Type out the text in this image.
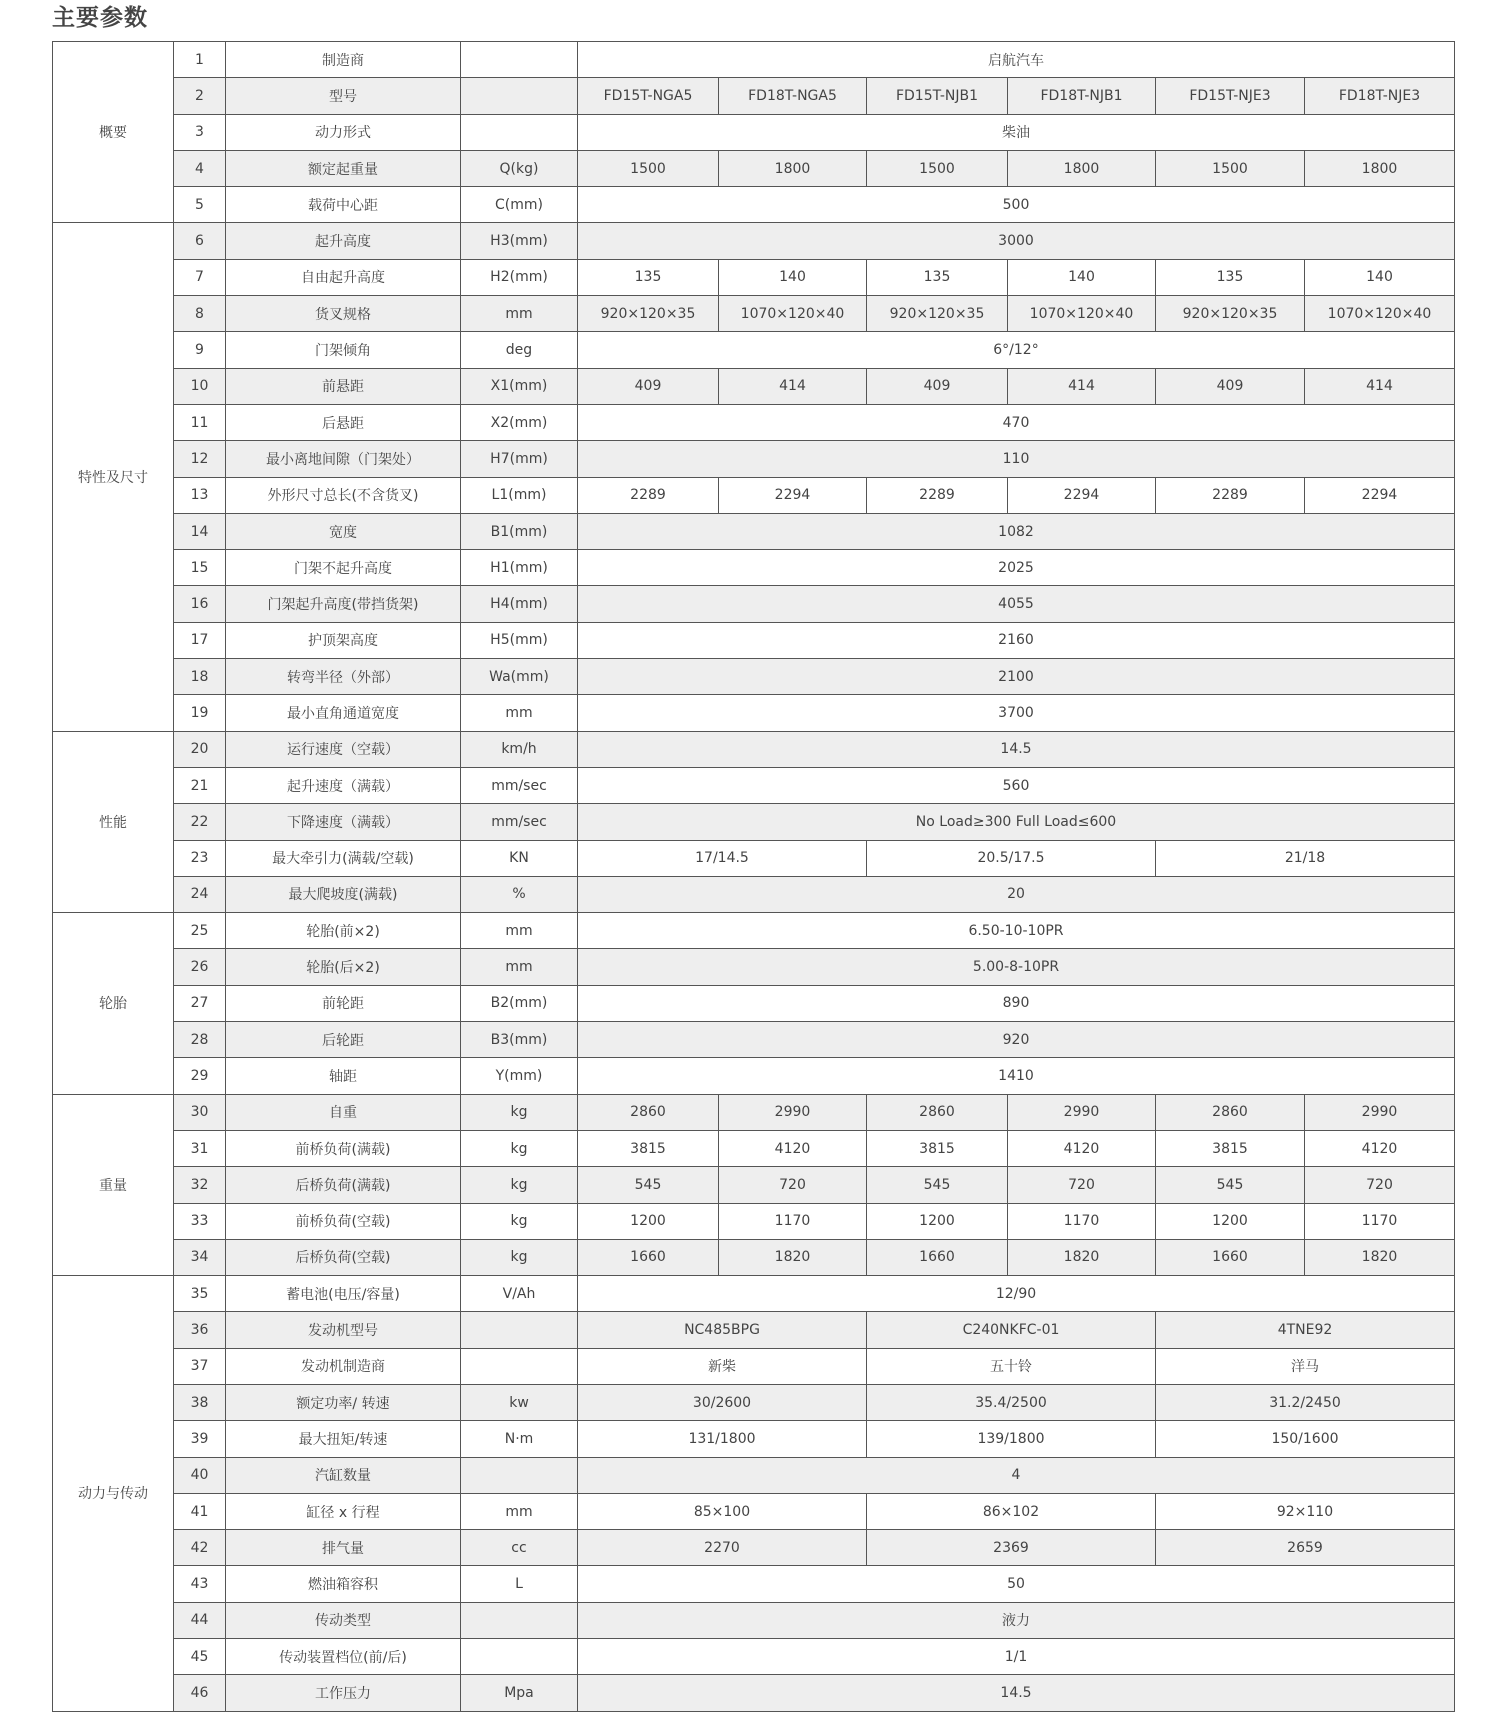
主要参数
概要	1	制造商		启航汽车					
	2	型号		FD15T-NGA5	FD18T-NGA5	FD15T-NJB1	FD18T-NJB1	FD15T-NJE3	FD18T-NJE3
	3	动力形式		柴油					
	4	额定起重量	Q(kg)	1500	1800	1500	1800	1500	1800
	5	载荷中心距	C(mm)	500					
特性及尺寸	6	起升高度	H3(mm)	3000					
	7	自由起升高度	H2(mm)	135	140	135	140	135	140
	8	货叉规格	mm	920×120×35	1070×120×40	920×120×35	1070×120×40	920×120×35	1070×120×40
	9	门架倾角	deg	6°/12°					
	10	前悬距	X1(mm)	409	414	409	414	409	414
	11	后悬距	X2(mm)	470					
	12	最小离地间隙（门架处）	H7(mm)	110					
	13	外形尺寸总长(不含货叉)	L1(mm)	2289	2294	2289	2294	2289	2294
	14	宽度	B1(mm)	1082					
	15	门架不起升高度	H1(mm)	2025					
	16	门架起升高度(带挡货架)	H4(mm)	4055					
	17	护顶架高度	H5(mm)	2160					
	18	转弯半径（外部）	Wa(mm)	2100					
	19	最小直角通道宽度	mm	3700					
性能	20	运行速度（空载）	km/h	14.5					
	21	起升速度（满载）	mm/sec	560					
	22	下降速度（满载）	mm/sec	No Load≥300 Full Load≤600					
	23	最大牵引力(满载/空载)	KN	17/14.5		20.5/17.5		21/18	
	24	最大爬坡度(满载)	%	20					
轮胎	25	轮胎(前×2)	mm	6.50-10-10PR					
	26	轮胎(后×2)	mm	5.00-8-10PR					
	27	前轮距	B2(mm)	890					
	28	后轮距	B3(mm)	920					
	29	轴距	Y(mm)	1410					
重量	30	自重	kg	2860	2990	2860	2990	2860	2990
	31	前桥负荷(满载)	kg	3815	4120	3815	4120	3815	4120
	32	后桥负荷(满载)	kg	545	720	545	720	545	720
	33	前桥负荷(空载)	kg	1200	1170	1200	1170	1200	1170
	34	后桥负荷(空载)	kg	1660	1820	1660	1820	1660	1820
动力与传动	35	蓄电池(电压/容量)	V/Ah	12/90					
	36	发动机型号		NC485BPG		C240NKFC-01		4TNE92	
	37	发动机制造商		新柴		五十铃		洋马	
	38	额定功率/ 转速	kw	30/2600		35.4/2500		31.2/2450	
	39	最大扭矩/转速	N·m	131/1800		139/1800		150/1600	
	40	汽缸数量		4					
	41	缸径 x 行程	mm	85×100		86×102		92×110	
	42	排气量	cc	2270		2369		2659	
	43	燃油箱容积	L	50					
	44	传动类型		液力					
	45	传动装置档位(前/后)		1/1					
	46	工作压力	Mpa	14.5					
